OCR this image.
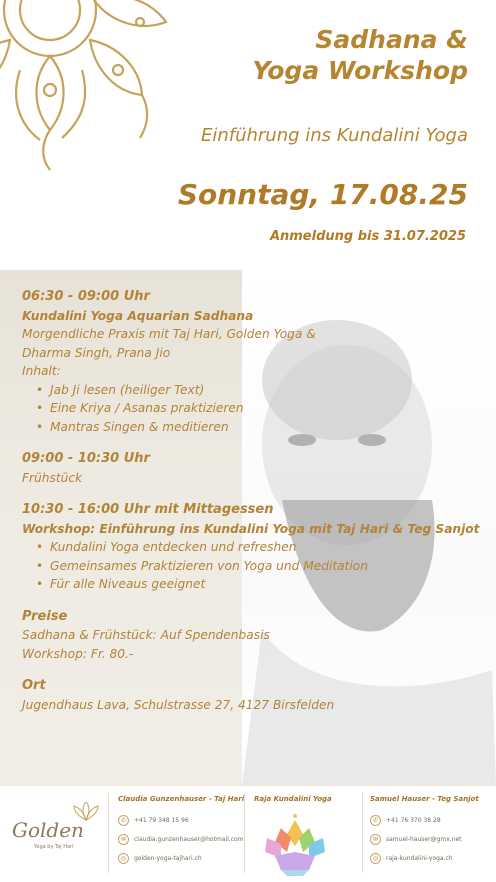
Sadhana &
Yoga Workshop
Einführung ins Kundalini Yoga
Sonntag, 17.08.25
Anmeldung bis 31.07.2025
06:30 - 09:00 Uhr
Kundalini Yoga Aquarian Sadhana
Morgendliche Praxis mit Taj Hari, Golden Yoga &
Dharma Singh, Prana Jio
Inhalt:
• Jab Ji lesen (heiliger Text)
• Eine Kriya / Asanas praktizieren
• Mantras Singen & meditieren
09:00 - 10:30 Uhr
Frühstück
10:30 - 16:00 Uhr mit Mittagessen
Workshop: Einführung ins Kundalini Yoga mit Taj Hari & Teg Sanjot
• Kundalini Yoga entdecken und refreshen
• Gemeinsames Praktizieren von Yoga und Meditation
• Für alle Niveaus geeignet
Preise
Sadhana & Frühstück: Auf Spendenbasis
Workshop: Fr. 80.-
Ort
Jugendhaus Lava, Schulstrasse 27, 4127 Birsfelden
Golden
Yoga by Taj Hari
Claudia Gunzenhauser - Taj Hari
✆	+41 79 348 15 96
✉	claudia.gunzenhauser@hotmail.com
◎	golden-yoga-tajhari.ch
Raja Kundalini Yoga	Samuel Hauser - Teg Sanjot
✆	+41 76 370 38 28
✉	samuel-hauser@gmx.net
◎	raja-kundalini-yoga.ch
